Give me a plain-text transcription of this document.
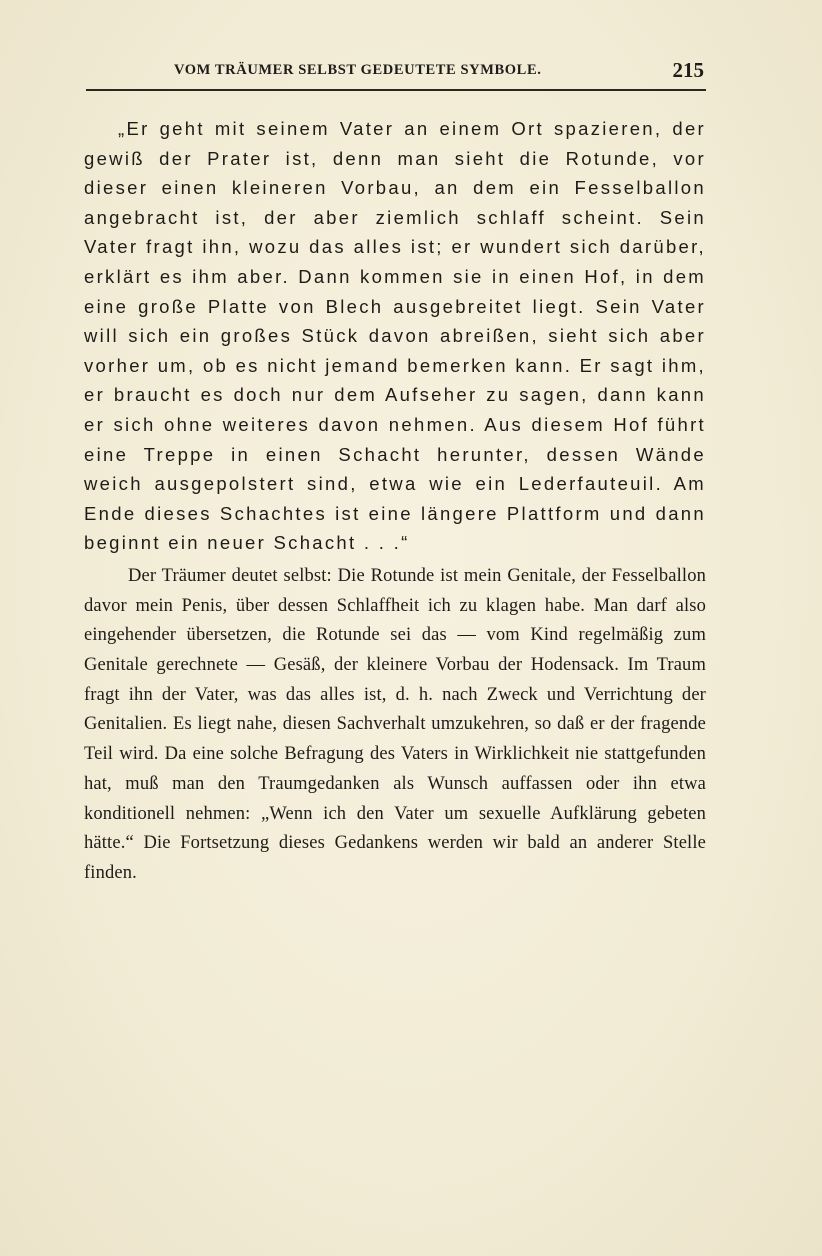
VOM TRÄUMER SELBST GEDEUTETE SYMBOLE.	215

„Er geht mit seinem Vater an einem Ort spazieren, der gewiß der Prater ist, denn man sieht die Rotunde, vor dieser einen kleineren Vorbau, an dem ein Fesselballon angebracht ist, der aber ziemlich schlaff scheint. Sein Vater fragt ihn, wozu das alles ist; er wundert sich darüber, erklärt es ihm aber. Dann kommen sie in einen Hof, in dem eine große Platte von Blech ausgebreitet liegt. Sein Vater will sich ein großes Stück davon abreißen, sieht sich aber vorher um, ob es nicht jemand bemerken kann. Er sagt ihm, er braucht es doch nur dem Aufseher zu sagen, dann kann er sich ohne weiteres davon nehmen. Aus diesem Hof führt eine Treppe in einen Schacht herunter, dessen Wände weich ausgepolstert sind, etwa wie ein Lederfauteuil. Am Ende dieses Schachtes ist eine längere Plattform und dann beginnt ein neuer Schacht . . .“

Der Träumer deutet selbst: Die Rotunde ist mein Genitale, der Fesselballon davor mein Penis, über dessen Schlaffheit ich zu klagen habe. Man darf also eingehender übersetzen, die Rotunde sei das — vom Kind regelmäßig zum Genitale gerechnete — Gesäß, der kleinere Vorbau der Hodensack. Im Traum fragt ihn der Vater, was das alles ist, d. h. nach Zweck und Verrichtung der Genitalien. Es liegt nahe, diesen Sachverhalt umzukehren, so daß er der fragende Teil wird. Da eine solche Befragung des Vaters in Wirklichkeit nie stattgefunden hat, muß man den Traumgedanken als Wunsch auffassen oder ihn etwa konditionell nehmen: „Wenn ich den Vater um sexuelle Aufklärung gebeten hätte.“ Die Fortsetzung dieses Gedankens werden wir bald an anderer Stelle finden.
